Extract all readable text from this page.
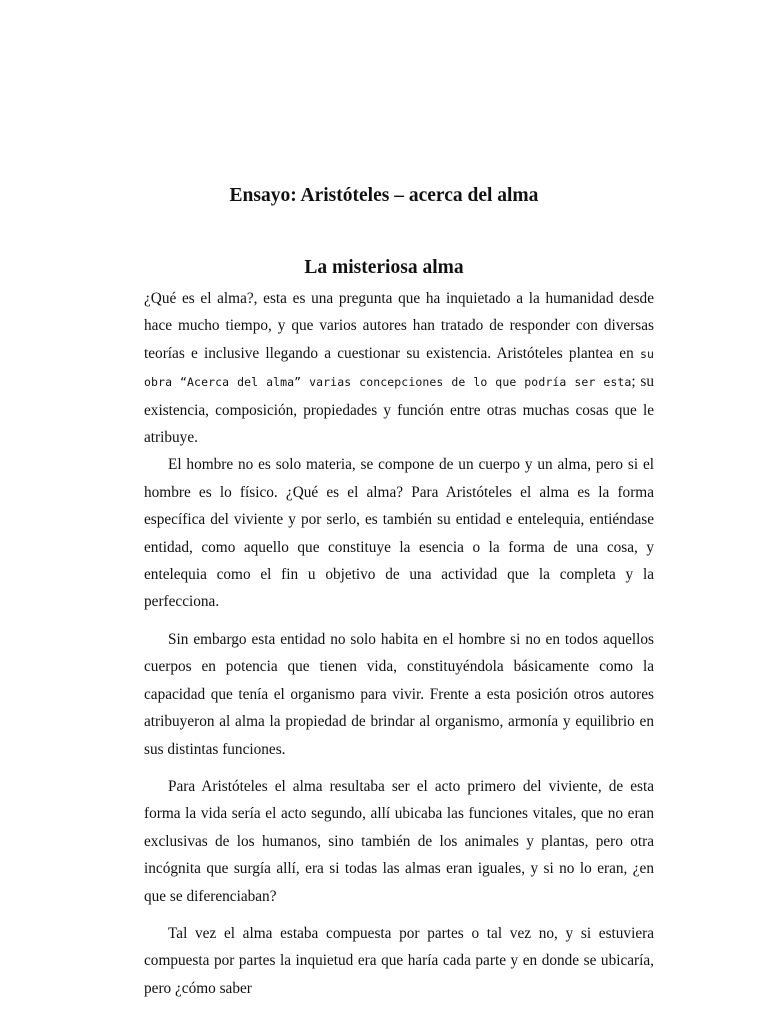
Ensayo: Aristóteles – acerca del alma
La misteriosa alma

¿Qué es el alma?, esta es una pregunta que ha inquietado a la humanidad desde hace mucho tiempo, y que varios autores han tratado de responder con diversas teorías e inclusive llegando a cuestionar su existencia. Aristóteles plantea en su obra “Acerca del alma” varias concepciones de lo que podría ser esta; su existencia, composición, propiedades y función entre otras muchas cosas que le atribuye.

El hombre no es solo materia, se compone de un cuerpo y un alma, pero si el hombre es lo físico. ¿Qué es el alma? Para Aristóteles el alma es la forma específica del viviente y por serlo, es también su entidad e entelequia, entiéndase entidad, como aquello que constituye la esencia o la forma de una cosa, y entelequia como el fin u objetivo de una actividad que la completa y la perfecciona.

Sin embargo esta entidad no solo habita en el hombre si no en todos aquellos cuerpos en potencia que tienen vida, constituyéndola básicamente como la capacidad que tenía el organismo para vivir. Frente a esta posición otros autores atribuyeron al alma la propiedad de brindar al organismo, armonía y equilibrio en sus distintas funciones.

Para Aristóteles el alma resultaba ser el acto primero del viviente, de esta forma la vida sería el acto segundo, allí ubicaba las funciones vitales, que no eran exclusivas de los humanos, sino también de los animales y plantas, pero otra incógnita que surgía allí, era si todas las almas eran iguales, y si no lo eran, ¿en que se diferenciaban?

Tal vez el alma estaba compuesta por partes o tal vez no, y si estuviera compuesta por partes la inquietud era que haría cada parte y en donde se ubicaría, pero ¿cómo saber
